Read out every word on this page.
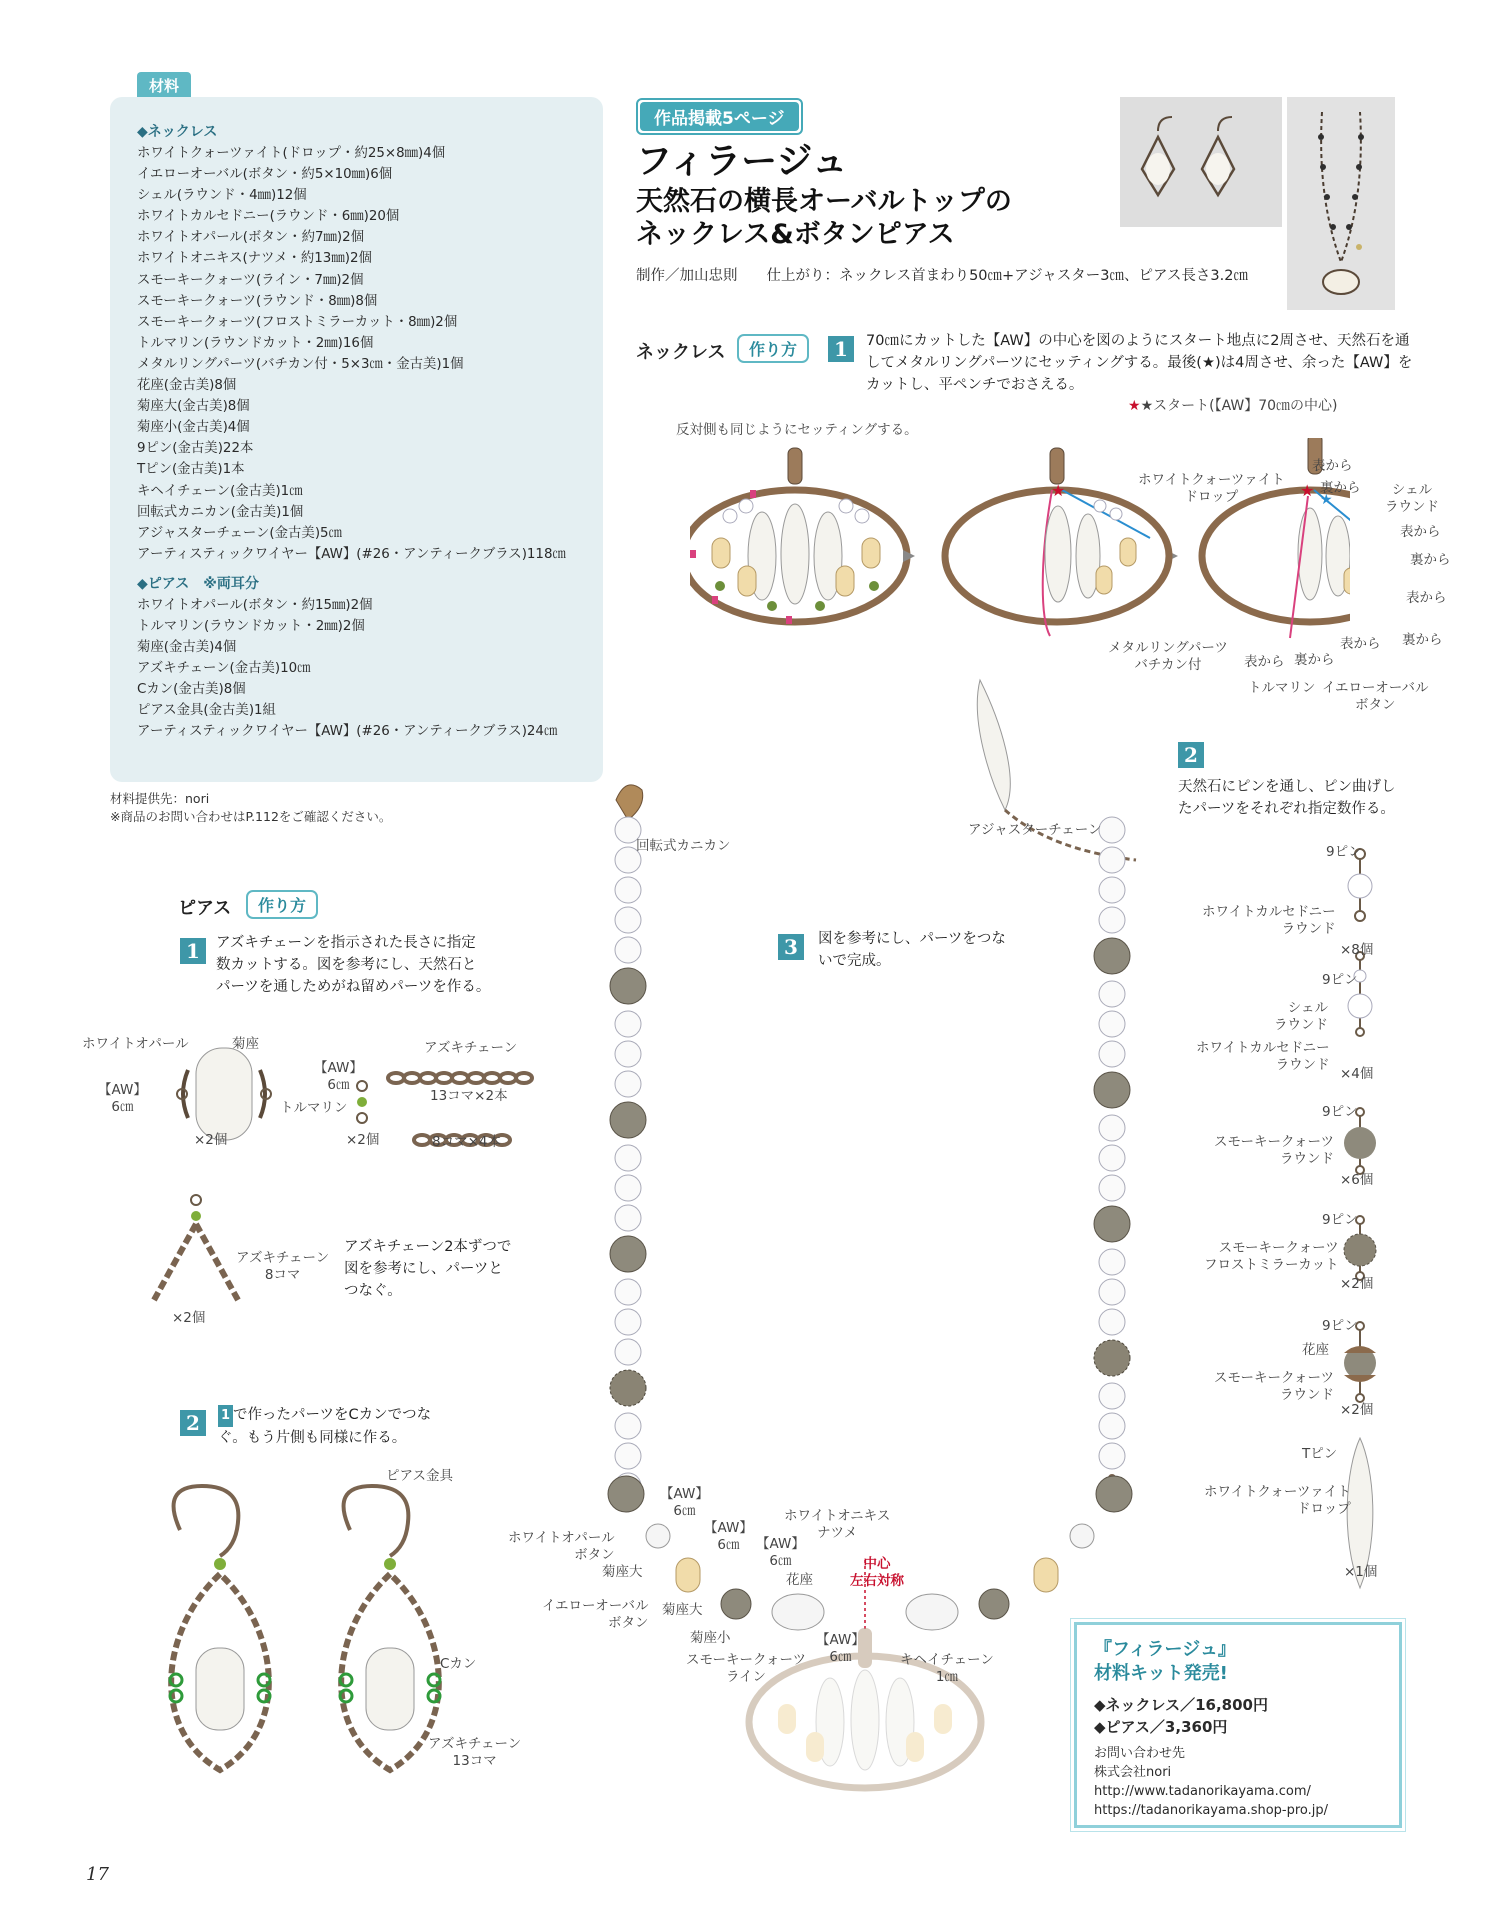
材料
◆ネックレス
ホワイトクォーツァイト(ドロップ・約25×8㎜)4個
イエローオーバル(ボタン・約5×10㎜)6個
シェル(ラウンド・4㎜)12個
ホワイトカルセドニー(ラウンド・6㎜)20個
ホワイトオパール(ボタン・約7㎜)2個
ホワイトオニキス(ナツメ・約13㎜)2個
スモーキークォーツ(ライン・7㎜)2個
スモーキークォーツ(ラウンド・8㎜)8個
スモーキークォーツ(フロストミラーカット・8㎜)2個
トルマリン(ラウンドカット・2㎜)16個
メタルリングパーツ(バチカン付・5×3㎝・金古美)1個
花座(金古美)8個
菊座大(金古美)8個
菊座小(金古美)4個
9ピン(金古美)22本
Tピン(金古美)1本
キヘイチェーン(金古美)1㎝
回転式カニカン(金古美)1個
アジャスターチェーン(金古美)5㎝
アーティスティックワイヤー【AW】(#26・アンティークブラス)118㎝
◆ピアス　※両耳分
ホワイトオパール(ボタン・約15㎜)2個
トルマリン(ラウンドカット・2㎜)2個
菊座(金古美)4個
アズキチェーン(金古美)10㎝
Cカン(金古美)8個
ピアス金具(金古美)1組
アーティスティックワイヤー【AW】(#26・アンティークブラス)24㎝
材料提供先：nori
※商品のお問い合わせはP.112をご確認ください。
作品掲載5ページ
フィラージュ
天然石の横長オーバルトップの
ネックレス&ボタンピアス
制作／加山忠則　　仕上がり：ネックレス首まわり50㎝+アジャスター3㎝、ピアス長さ3.2㎝
ネックレス	作り方	1	70㎝にカットした【AW】の中心を図のようにスタート地点に2周させ、天然石を通
してメタルリングパーツにセッティングする。最後(★)は4周させ、余った【AW】を
カットし、平ペンチでおさえる。
★★スタート(【AW】70㎝の中心)
反対側も同じようにセッティングする。
★	★ ★
ホワイトクォーツァイト
ドロップ
表から
裏から	シェル
ラウンド
表から
裏から
表から
裏から
表から
裏から
表から
メタルリングパーツ
バチカン付
トルマリン イエローオーバル
ボタン
2
天然石にピンを通し、ピン曲げし
たパーツをそれぞれ指定数作る。
9ピン
ホワイトカルセドニー
ラウンド
×8個
9ピン
シェル
ラウンド
ホワイトカルセドニー
ラウンド
×4個
9ピン
スモーキークォーツ
ラウンド
×6個
9ピン
スモーキークォーツ
フロストミラーカット
×2個
9ピン
花座
スモーキークォーツ
ラウンド
×2個
Tピン
ホワイトクォーツァイト
ドロップ
×1個
3	図を参考にし、パーツをつな
いで完成。
回転式カニカン
アジャスターチェーン
【AW】
6㎝
ホワイトオパール
ボタン
菊座大
イエローオーバル
ボタン
【AW】
6㎝
菊座大
菊座小
スモーキークォーツ
ライン
【AW】
6㎝
花座
ホワイトオニキス
ナツメ
中心
左右対称
【AW】
6㎝	キヘイチェーン
1㎝
ピアス	作り方
1	アズキチェーンを指示された長さに指定
数カットする。図を参考にし、天然石と
パーツを通しためがね留めパーツを作る。
ホワイトオパール	菊座
【AW】
6㎝
×2個
【AW】
6㎝
トルマリン
×2個
アズキチェーン
13コマ×2本
8コマ×4本
アズキチェーン
8コマ
×2個
アズキチェーン2本ずつで
図を参考にし、パーツと
つなぐ。
2	1 で作ったパーツをCカンでつな
ぐ。もう片側も同様に作る。
ピアス金具
Cカン
アズキチェーン
13コマ
『フィラージュ』
材料キット発売!
◆ネックレス／16,800円
◆ピアス／3,360円
お問い合わせ先
株式会社nori
http://www.tadanorikayama.com/
https://tadanorikayama.shop-pro.jp/
17
